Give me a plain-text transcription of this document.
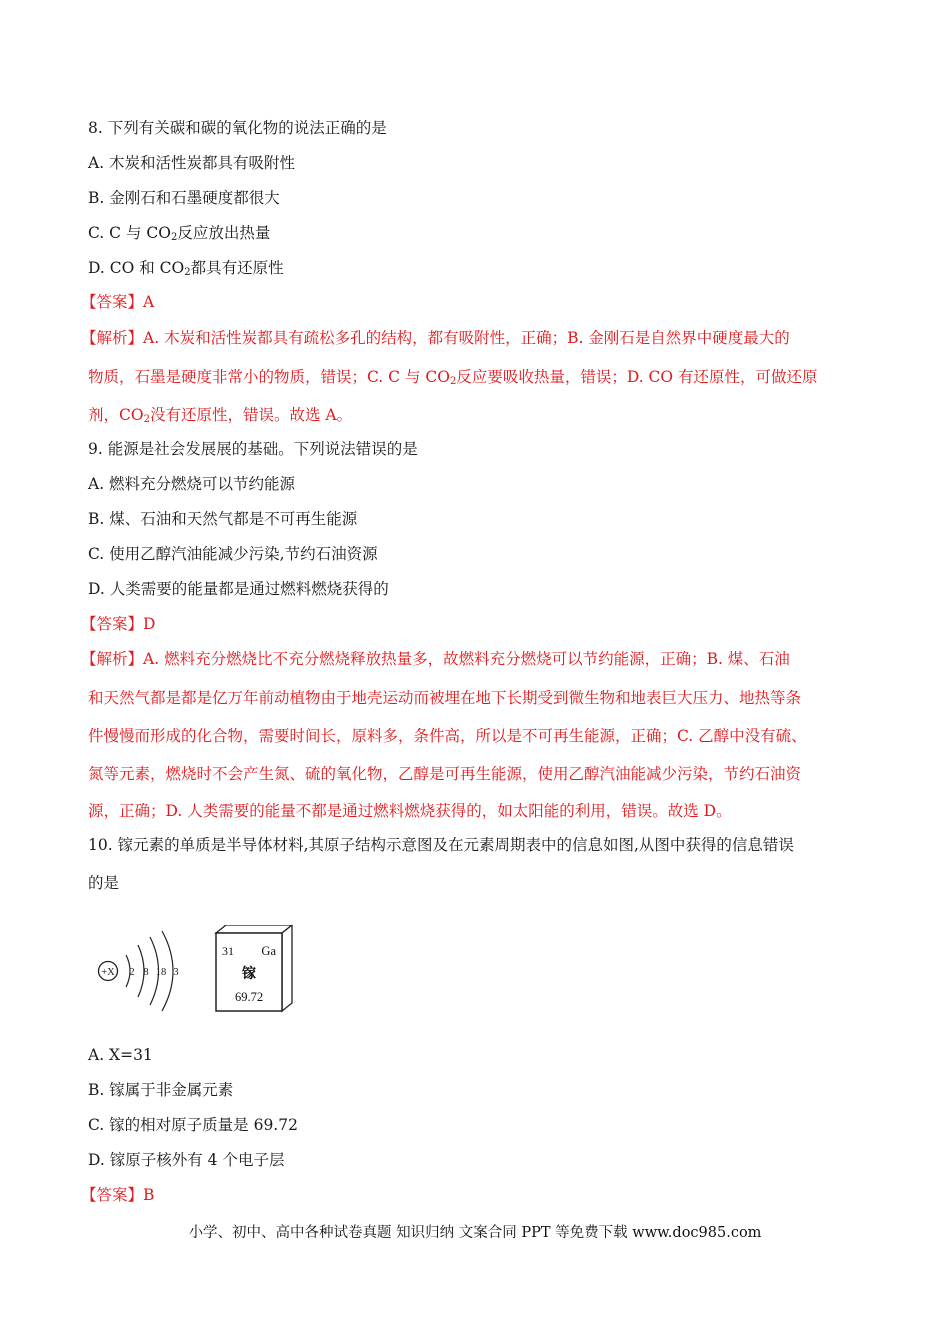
8. 下列有关碳和碳的氧化物的说法正确的是
A. 木炭和活性炭都具有吸附性
B. 金刚石和石墨硬度都很大
C. C 与 $CO_2$反应放出热量
D. CO 和 $CO_2$都具有还原性
【答案】A
【解析】A. 木炭和活性炭都具有疏松多孔的结构，都有吸附性，正确；B. 金刚石是自然界中硬度最大的
物质，石墨是硬度非常小的物质，错误；C. C 与 $CO_2$反应要吸收热量，错误；D. CO 有还原性，可做还原
剂，$CO_2$没有还原性，错误。故选 A。
9. 能源是社会发展展的基础。下列说法错误的是
A. 燃料充分燃烧可以节约能源
B. 煤、石油和天然气都是不可再生能源
C. 使用乙醇汽油能减少污染,节约石油资源
D. 人类需要的能量都是通过燃料燃烧获得的
【答案】D
【解析】A. 燃料充分燃烧比不充分燃烧释放热量多，故燃料充分燃烧可以节约能源，正确；B. 煤、石油
和天然气都是都是亿万年前动植物由于地壳运动而被埋在地下长期受到微生物和地表巨大压力、地热等条
件慢慢而形成的化合物，需要时间长，原料多，条件高，所以是不可再生能源，正确；C. 乙醇中没有硫、
氮等元素，燃烧时不会产生氮、硫的氧化物，乙醇是可再生能源，使用乙醇汽油能减少污染，节约石油资
源，正确；D. 人类需要的能量不都是通过燃料燃烧获得的，如太阳能的利用，错误。故选 D。
10. 镓元素的单质是半导体材料,其原子结构示意图及在元素周期表中的信息如图,从图中获得的信息错误
的是
+X 2 8 18 3
31 Ga
镓
69.72
A. X=31
B. 镓属于非金属元素
C. 镓的相对原子质量是 69.72
D. 镓原子核外有 4 个电子层
【答案】B
小学、初中、高中各种试卷真题 知识归纳 文案合同 PPT 等免费下载 www.doc985.com
